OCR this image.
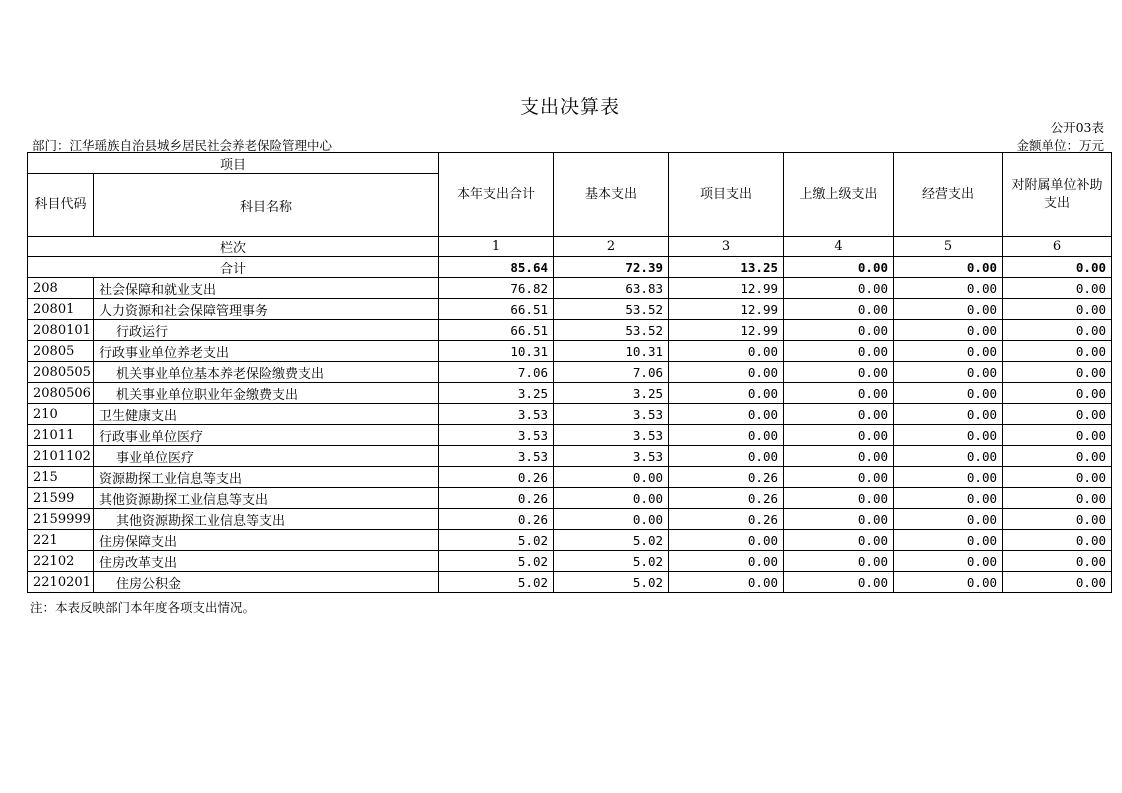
支出决算表
公开03表
部门：江华瑶族自治县城乡居民社会养老保险管理中心	金额单位：万元
项目		本年支出合计	基本支出	项目支出	上缴上级支出	经营支出	对附属单位补助支出
科目代码	科目名称						
栏次		1	2	3	4	5	6
合计		85.64	72.39	13.25	0.00	0.00	0.00
208	社会保障和就业支出	76.82	63.83	12.99	0.00	0.00	0.00
20801	人力资源和社会保障管理事务	66.51	53.52	12.99	0.00	0.00	0.00
2080101	行政运行	66.51	53.52	12.99	0.00	0.00	0.00
20805	行政事业单位养老支出	10.31	10.31	0.00	0.00	0.00	0.00
2080505	机关事业单位基本养老保险缴费支出	7.06	7.06	0.00	0.00	0.00	0.00
2080506	机关事业单位职业年金缴费支出	3.25	3.25	0.00	0.00	0.00	0.00
210	卫生健康支出	3.53	3.53	0.00	0.00	0.00	0.00
21011	行政事业单位医疗	3.53	3.53	0.00	0.00	0.00	0.00
2101102	事业单位医疗	3.53	3.53	0.00	0.00	0.00	0.00
215	资源勘探工业信息等支出	0.26	0.00	0.26	0.00	0.00	0.00
21599	其他资源勘探工业信息等支出	0.26	0.00	0.26	0.00	0.00	0.00
2159999	其他资源勘探工业信息等支出	0.26	0.00	0.26	0.00	0.00	0.00
221	住房保障支出	5.02	5.02	0.00	0.00	0.00	0.00
22102	住房改革支出	5.02	5.02	0.00	0.00	0.00	0.00
2210201	住房公积金	5.02	5.02	0.00	0.00	0.00	0.00
注：本表反映部门本年度各项支出情况。
